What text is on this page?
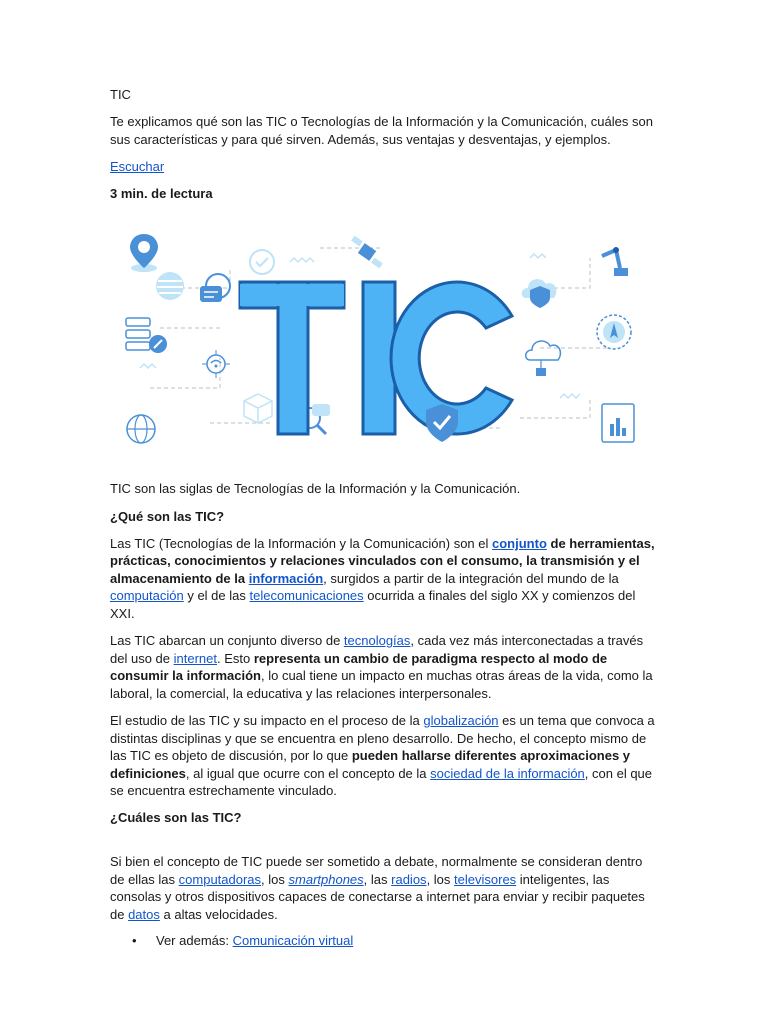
TIC

Te explicamos qué son las TIC o Tecnologías de la Información y la Comunicación, cuáles son sus características y para qué sirven. Además, sus ventajas y desventajas, y ejemplos.

Escuchar

3 min. de lectura

TIC son las siglas de Tecnologías de la Información y la Comunicación.

¿Qué son las TIC?

Las TIC (Tecnologías de la Información y la Comunicación) son el conjunto de herramientas, prácticas, conocimientos y relaciones vinculados con el consumo, la transmisión y el almacenamiento de la información, surgidos a partir de la integración del mundo de la computación y el de las telecomunicaciones ocurrida a finales del siglo XX y comienzos del XXI.

Las TIC abarcan un conjunto diverso de tecnologías, cada vez más interconectadas a través del uso de internet. Esto representa un cambio de paradigma respecto al modo de consumir la información, lo cual tiene un impacto en muchas otras áreas de la vida, como la laboral, la comercial, la educativa y las relaciones interpersonales.

El estudio de las TIC y su impacto en el proceso de la globalización es un tema que convoca a distintas disciplinas y que se encuentra en pleno desarrollo. De hecho, el concepto mismo de las TIC es objeto de discusión, por lo que pueden hallarse diferentes aproximaciones y definiciones, al igual que ocurre con el concepto de la sociedad de la información, con el que se encuentra estrechamente vinculado.

¿Cuáles son las TIC?

Si bien el concepto de TIC puede ser sometido a debate, normalmente se consideran dentro de ellas las computadoras, los smartphones, las radios, los televisores inteligentes, las consolas y otros dispositivos capaces de conectarse a internet para enviar y recibir paquetes de datos a altas velocidades.

• Ver además: Comunicación virtual
TIC
